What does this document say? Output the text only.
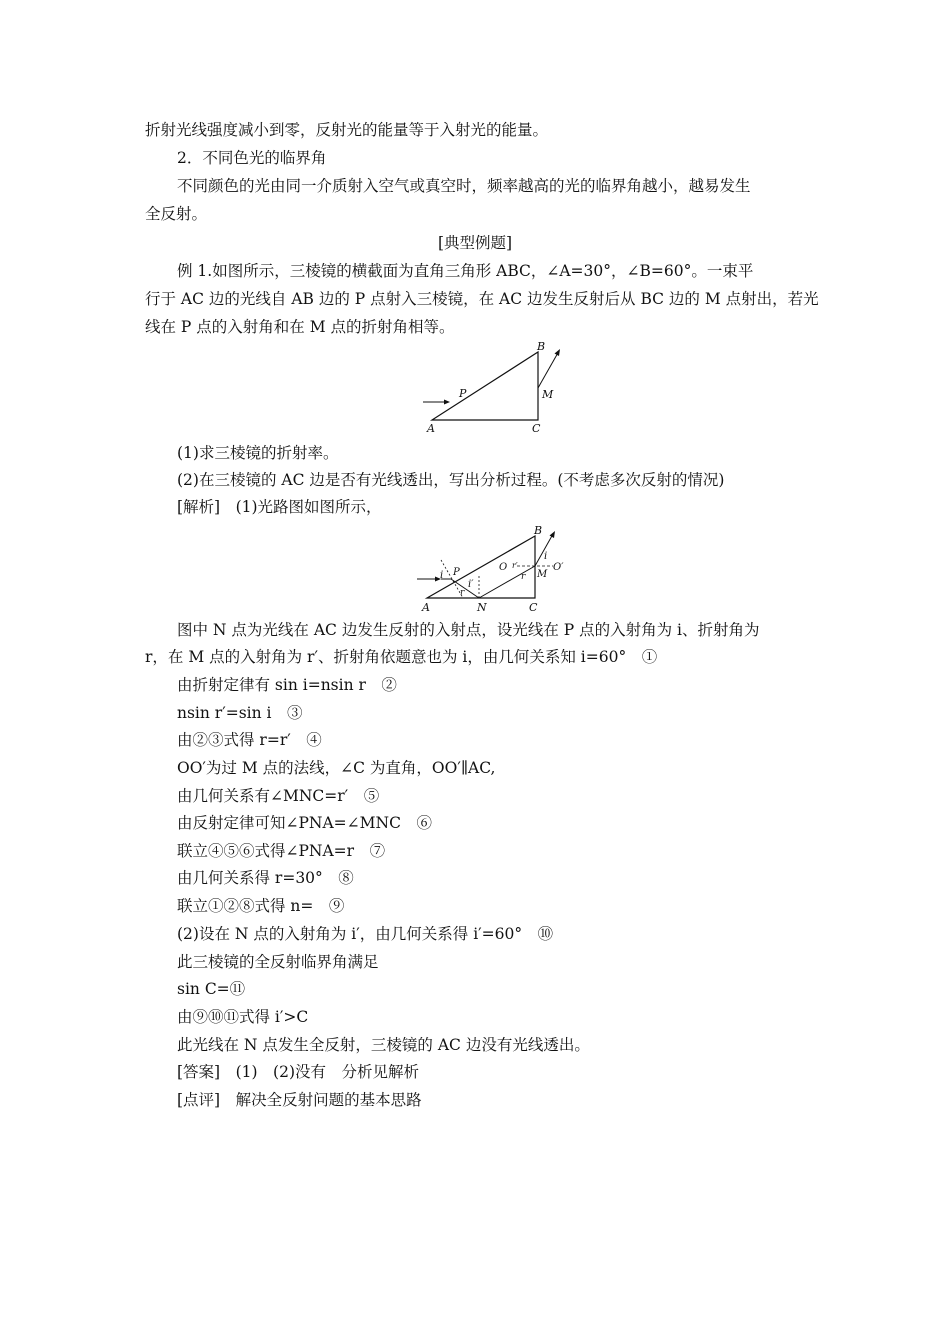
折射光线强度减小到零，反射光的能量等于入射光的能量。
2．不同色光的临界角
不同颜色的光由同一介质射入空气或真空时，频率越高的光的临界角越小，越易发生
全反射。
[典型例题]
例 1.如图所示，三棱镜的横截面为直角三角形 ABC，∠A=30°，∠B=60°。一束平
行于 AC 边的光线自 AB 边的 P 点射入三棱镜，在 AC 边发生反射后从 BC 边的 M 点射出，若光
线在 P 点的入射角和在 M 点的折射角相等。
A	C
B
P	M
(1)求三棱镜的折射率。
(2)在三棱镜的 AC 边是否有光线透出，写出分析过程。(不考虑多次反射的情况)
[解析]　(1)光路图如图所示，
A	C
B
N
P	M
O	O′
i
i′
r
r
i
r′
图中 N 点为光线在 AC 边发生反射的入射点，设光线在 P 点的入射角为 i、折射角为
r，在 M 点的入射角为 r′、折射角依题意也为 i，由几何关系知 i=60°　①
由折射定律有 sin i=nsin r　②
nsin r′=sin i　③
由②③式得 r=r′　④
OO′为过 M 点的法线，∠C 为直角，OO′∥AC,
由几何关系有∠MNC=r′　⑤
由反射定律可知∠PNA=∠MNC　⑥
联立④⑤⑥式得∠PNA=r　⑦
由几何关系得 r=30°　⑧
联立①②⑧式得 n=　⑨
(2)设在 N 点的入射角为 i′，由几何关系得 i′=60°　⑩
此三棱镜的全反射临界角满足
sin C=⑪
由⑨⑩⑪式得 i′>C
此光线在 N 点发生全反射，三棱镜的 AC 边没有光线透出。
[答案]　(1)　(2)没有　分析见解析
[点评]　解决全反射问题的基本思路
